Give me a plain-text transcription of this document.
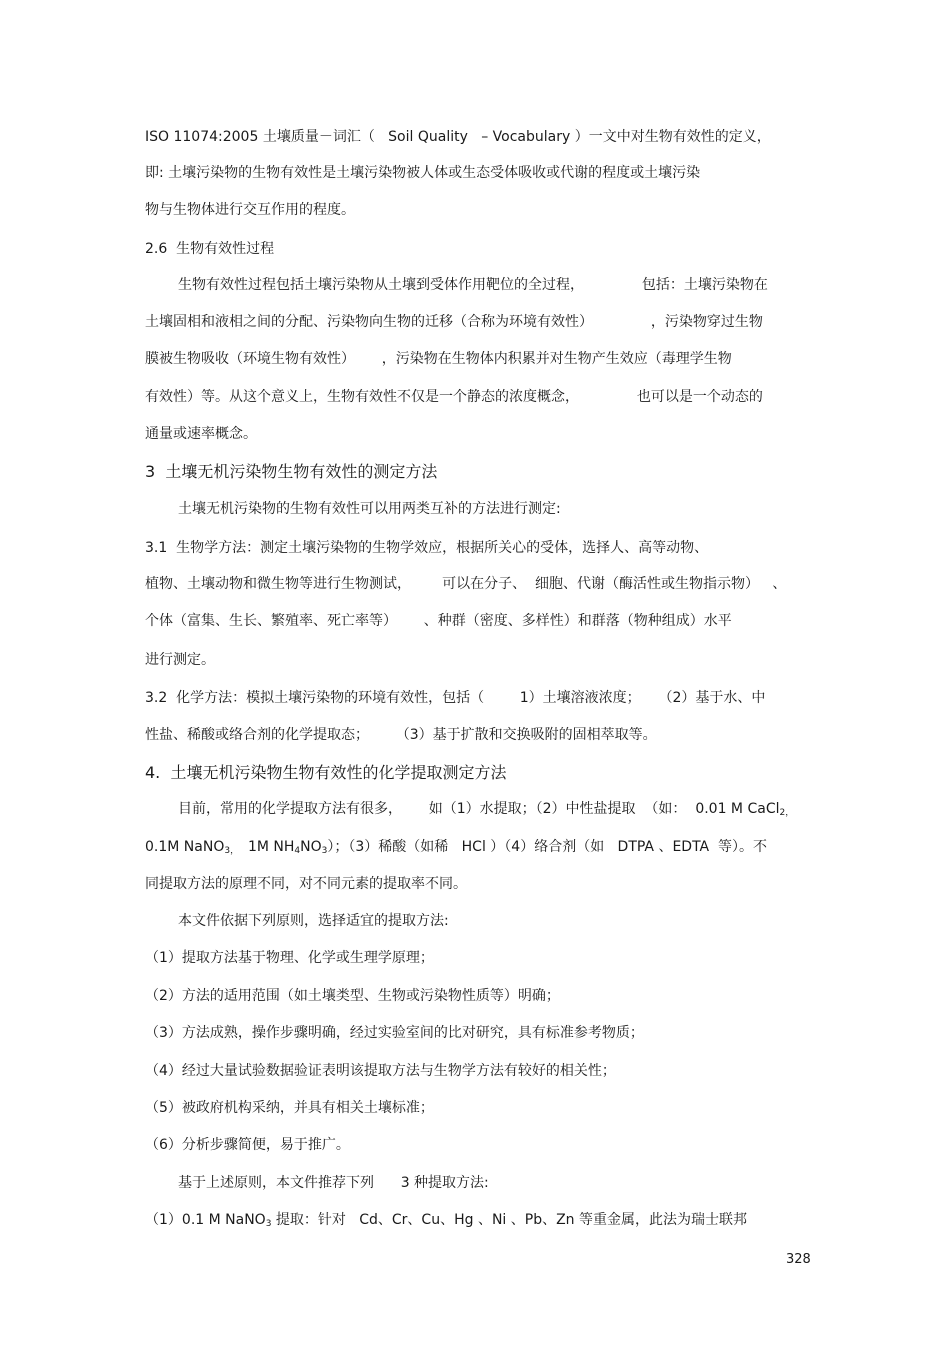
ISO 11074:2005 土壤质量－词汇（   Soil Quality   – Vocabulary ）一文中对生物有效性的定义，
即: 土壤污染物的生物有效性是土壤污染物被人体或生态受体吸收或代谢的程度或土壤污染
物与生物体进行交互作用的程度。
2.6  生物有效性过程
生物有效性过程包括土壤污染物从土壤到受体作用靶位的全过程，             包括：土壤污染物在
土壤固相和液相之间的分配、污染物向生物的迁移（合称为环境有效性）             ，污染物穿过生物
膜被生物吸收（环境生物有效性）      ，污染物在生物体内积累并对生物产生效应（毒理学生物
有效性）等。从这个意义上，生物有效性不仅是一个静态的浓度概念，             也可以是一个动态的
通量或速率概念。
3  土壤无机污染物生物有效性的测定方法
土壤无机污染物的生物有效性可以用两类互补的方法进行测定:
3.1  生物学方法：测定土壤污染物的生物学效应，根据所关心的受体，选择人、高等动物、
植物、土壤动物和微生物等进行生物测试，       可以在分子、  细胞、代谢（酶活性或生物指示物）   、
个体（富集、生长、繁殖率、死亡率等）      、种群（密度、多样性）和群落（物种组成）水平
进行测定。
3.2  化学方法：模拟土壤污染物的环境有效性，包括（        1）土壤溶液浓度；    （2）基于水、中
性盐、稀酸或络合剂的化学提取态；      （3）基于扩散和交换吸附的固相萃取等。
4.  土壤无机污染物生物有效性的化学提取测定方法
目前，常用的化学提取方法有很多，      如（1）水提取；（2）中性盐提取  （如：  0.01 M CaCl$_{2,}$
0.1M NaNO$_{3,}$  1M $NH_4NO_3$）；（3）稀酸（如稀   HCl ）（4）络合剂（如   DTPA 、EDTA  等）。不
同提取方法的原理不同，对不同元素的提取率不同。
本文件依据下列原则，选择适宜的提取方法:
（1）提取方法基于物理、化学或生理学原理；
（2）方法的适用范围（如土壤类型、生物或污染物性质等）明确；
（3）方法成熟，操作步骤明确，经过实验室间的比对研究，具有标准参考物质；
（4）经过大量试验数据验证表明该提取方法与生物学方法有较好的相关性；
（5）被政府机构采纳，并具有相关土壤标准；
（6）分析步骤简便，易于推广。
基于上述原则，本文件推荐下列      3 种提取方法:
（1）0.1 M NaNO$_3$ 提取：针对   Cd、Cr、Cu、Hg 、Ni 、Pb、Zn 等重金属，此法为瑞士联邦
328
